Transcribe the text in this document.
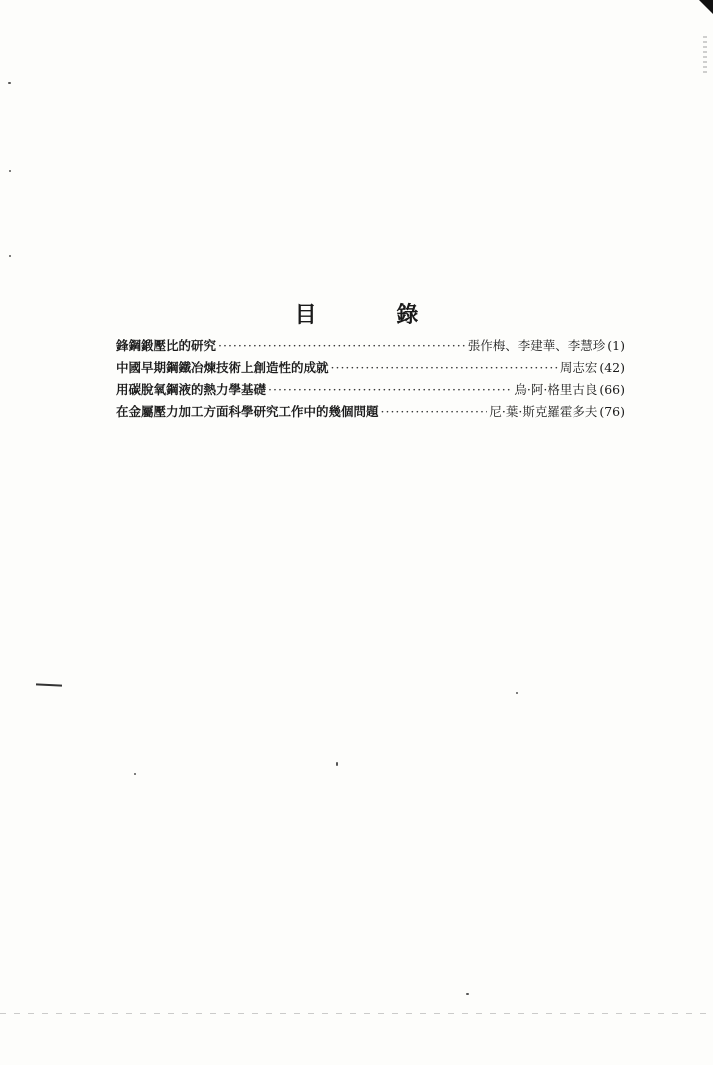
目 錄
鋒鋼鍛壓比的研究 ·····	張作梅、李建華、李慧珍 (1)
中國早期鋼鐵冶煉技術上創造性的成就 ·····	周志宏 (42)
用碳脫氧鋼液的熱力學基礎 ·····	烏·阿·格里古良 (66)
在金屬壓力加工方面科學研究工作中的幾個問題 ·····	尼·葉·斯克羅霍多夫 (76)
